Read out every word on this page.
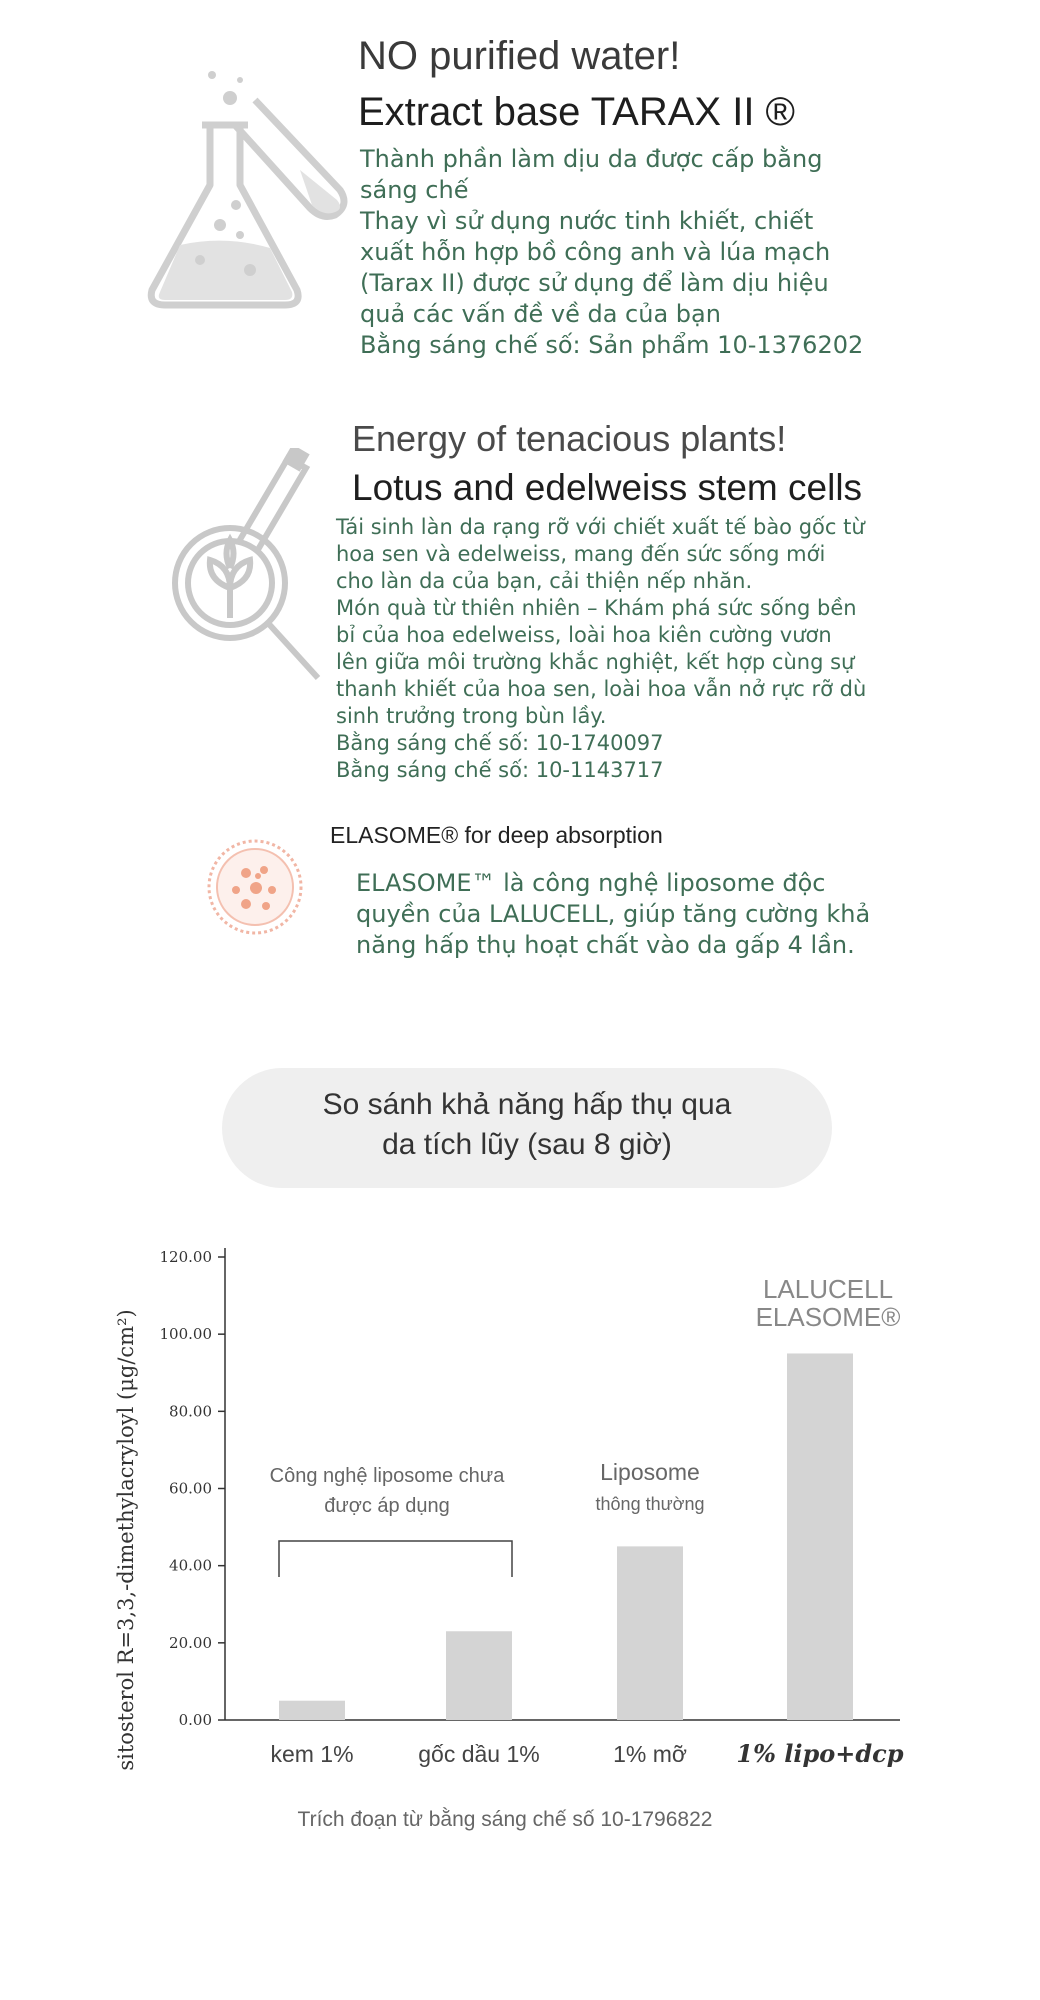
NO purified water!
Extract base TARAX II ®
Thành phần làm dịu da được cấp bằng
sáng chế
Thay vì sử dụng nước tinh khiết, chiết
xuất hỗn hợp bồ công anh và lúa mạch
(Tarax II) được sử dụng để làm dịu hiệu
quả các vấn đề về da của bạn
Bằng sáng chế số: Sản phẩm 10-1376202
Energy of tenacious plants!
Lotus and edelweiss stem cells
Tái sinh làn da rạng rỡ với chiết xuất tế bào gốc từ
hoa sen và edelweiss, mang đến sức sống mới
cho làn da của bạn, cải thiện nếp nhăn.
Món quà từ thiên nhiên – Khám phá sức sống bền
bỉ của hoa edelweiss, loài hoa kiên cường vươn
lên giữa môi trường khắc nghiệt, kết hợp cùng sự
thanh khiết của hoa sen, loài hoa vẫn nở rực rỡ dù
sinh trưởng trong bùn lầy.
Bằng sáng chế số: 10-1740097
Bằng sáng chế số: 10-1143717
ELASOME® for deep absorption
ELASOME™ là công nghệ liposome độc
quyền của LALUCELL, giúp tăng cường khả
năng hấp thụ hoạt chất vào da gấp 4 lần.
So sánh khả năng hấp thụ qua
da tích lũy (sau 8 giờ)
sitosterol R=3,3,-dimethylacryloyl (μg/cm²)
120.00
100.00
80.00
60.00
40.00
20.00
0.00
kem 1%	gốc dầu 1%	1% mỡ 1% lipo+dcp
Công nghệ liposome chưa
được áp dụng
Liposome
thông thường
LALUCELL
ELASOME®
Trích đoạn từ bằng sáng chế số 10-1796822
